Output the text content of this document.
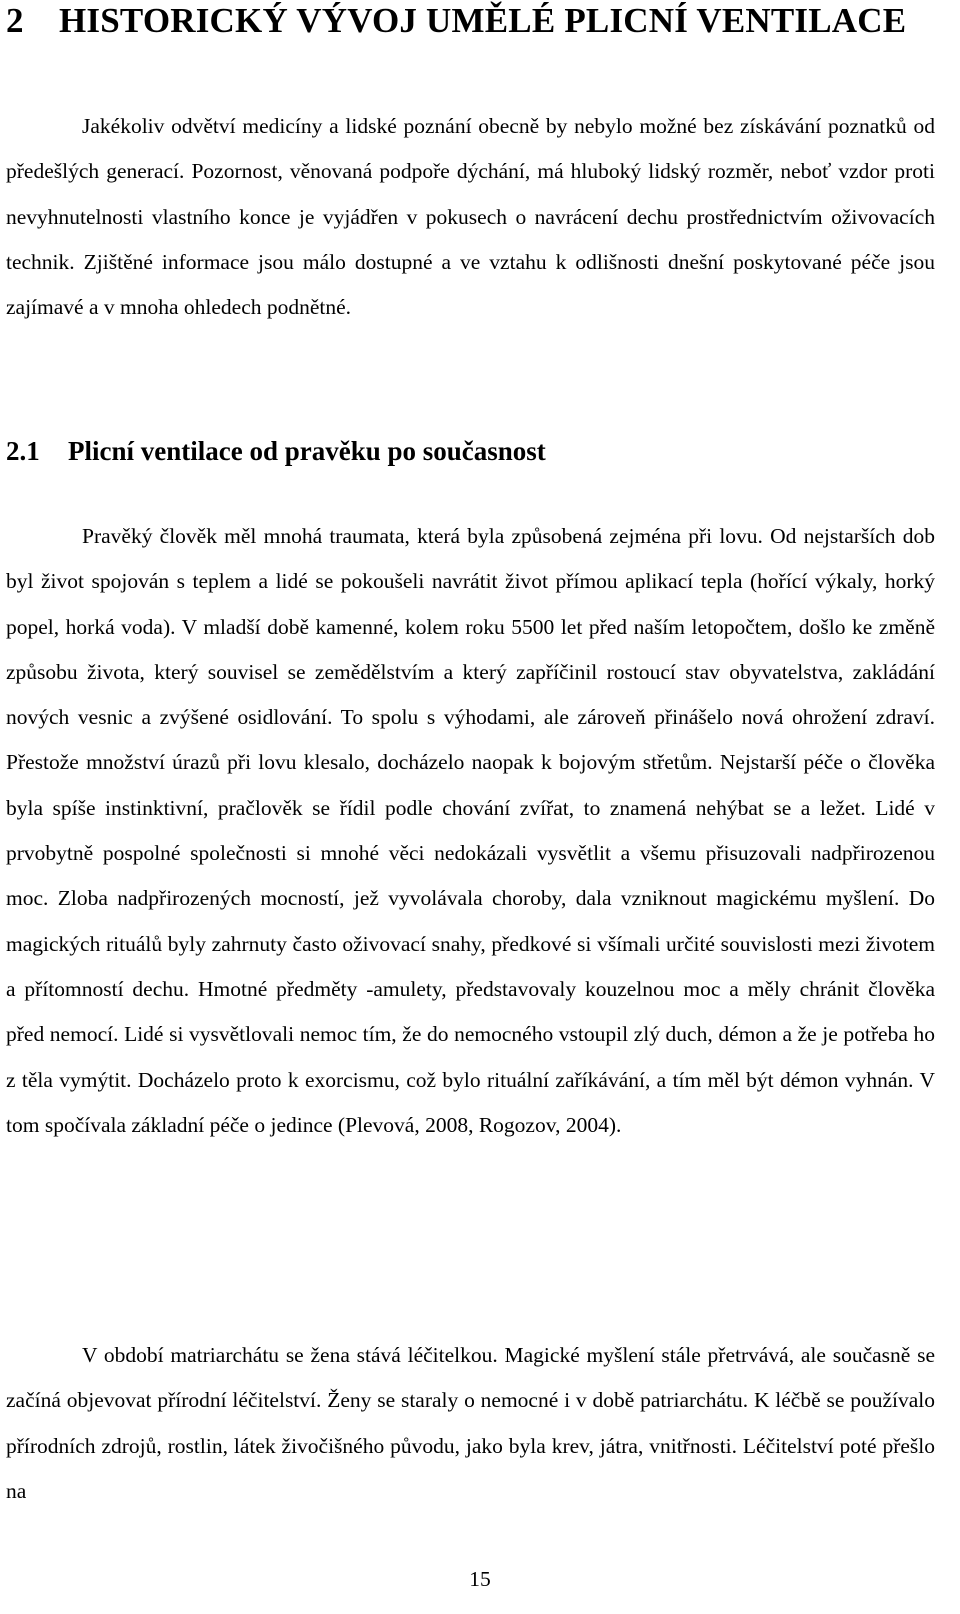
2 HISTORICKÝ VÝVOJ UMĚLÉ PLICNÍ VENTILACE

Jakékoliv odvětví medicíny a lidské poznání obecně by nebylo možné bez získávání poznatků od předešlých generací. Pozornost, věnovaná podpoře dýchání, má hluboký lidský rozměr, neboť vzdor proti nevyhnutelnosti vlastního konce je vyjádřen v pokusech o navrácení dechu prostřednictvím oživovacích technik. Zjištěné informace jsou málo dostupné a ve vztahu k odlišnosti dnešní poskytované péče jsou zajímavé a v mnoha ohledech podnětné.

2.1 Plicní ventilace od pravěku po současnost

Pravěký člověk měl mnohá traumata, která byla způsobená zejména při lovu. Od nejstarších dob byl život spojován s teplem a lidé se pokoušeli navrátit život přímou aplikací tepla (hořící výkaly, horký popel, horká voda). V mladší době kamenné, kolem roku 5500 let před naším letopočtem, došlo ke změně způsobu života, který souvisel se zemědělstvím a který zapříčinil rostoucí stav obyvatelstva, zakládání nových vesnic a zvýšené osidlování. To spolu s výhodami, ale zároveň přinášelo nová ohrožení zdraví. Přestože množství úrazů při lovu klesalo, docházelo naopak k bojovým střetům. Nejstarší péče o člověka byla spíše instinktivní, pračlověk se řídil podle chování zvířat, to znamená nehýbat se a ležet. Lidé v prvobytně pospolné společnosti si mnohé věci nedokázali vysvětlit a všemu přisuzovali nadpřirozenou moc. Zloba nadpřirozených mocností, jež vyvolávala choroby, dala vzniknout magickému myšlení. Do magických rituálů byly zahrnuty často oživovací snahy, předkové si všímali určité souvislosti mezi životem a přítomností dechu. Hmotné předměty -amulety, představovaly kouzelnou moc a měly chránit člověka před nemocí. Lidé si vysvětlovali nemoc tím, že do nemocného vstoupil zlý duch, démon a že je potřeba ho z těla vymýtit. Docházelo proto k exorcismu, což bylo rituální zaříkávání, a tím měl být démon vyhnán. V tom spočívala základní péče o jedince (Plevová, 2008, Rogozov, 2004).

V období matriarchátu se žena stává léčitelkou. Magické myšlení stále přetrvává, ale současně se začíná objevovat přírodní léčitelství. Ženy se staraly o nemocné i v době patriarchátu. K léčbě se používalo přírodních zdrojů, rostlin, látek živočišného původu, jako byla krev, játra, vnitřnosti. Léčitelství poté přešlo na

15
